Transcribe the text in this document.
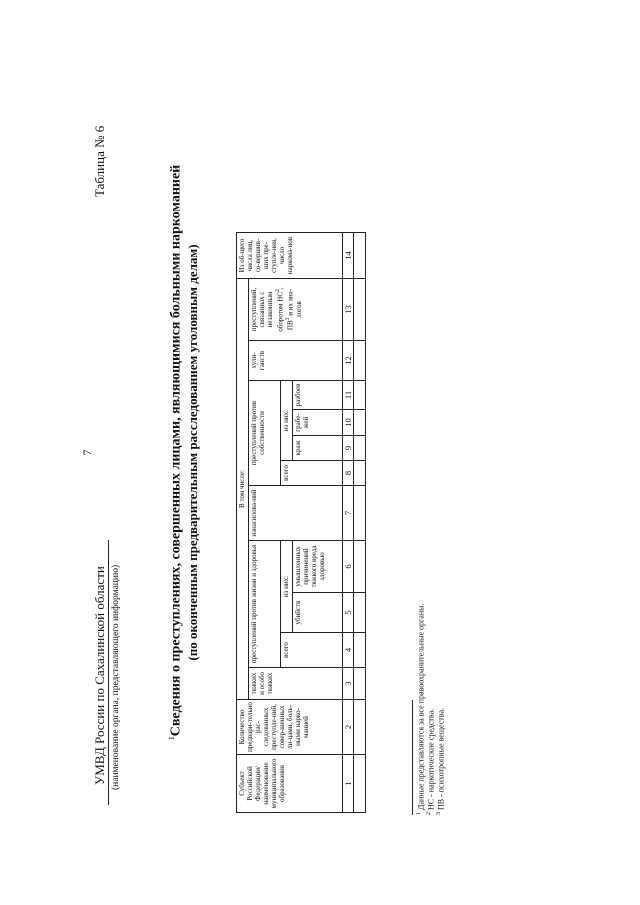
7
УМВД России по Сахалинской области (наименование органа, представляющего информацию)
Таблица № 6
$^1$Сведения о преступлениях, совершенных лицами, являющимися больными наркоманией (по оконченным предварительным расследованием уголовным делам)
Субъект Российской Федерации/ наименование муниципального образования	Количество предвари-тельно рас-следованных преступле-ний, совер-шенных ли-цами, боль-ными нарко-манией	В том числе:											Из об-щего числа лиц, со-вершив-ших пре-ступле-ния, число наркома-нов
		тяжких и особо тяжких	преступлений против жизни и здоровья			изнасилова-ний	преступлений против собственности				хули-ганств	преступлений, связанных с незаконным оборотом $НС^2$, $ПВ^3$ и их ана-логов	
			всего	из них:			всего	из них:					
				убийств	умышленных причинений тяжкого вреда здоровью			краж	грабе-жей	разбоев			
1	2	3	4	5	6	7	8	9	10	11	12	13	14

$^1$ Данные представляются за все правоохранительные органы.
$^2$ НС - наркотические средства.
$^3$ ПВ - психотропные вещества.
